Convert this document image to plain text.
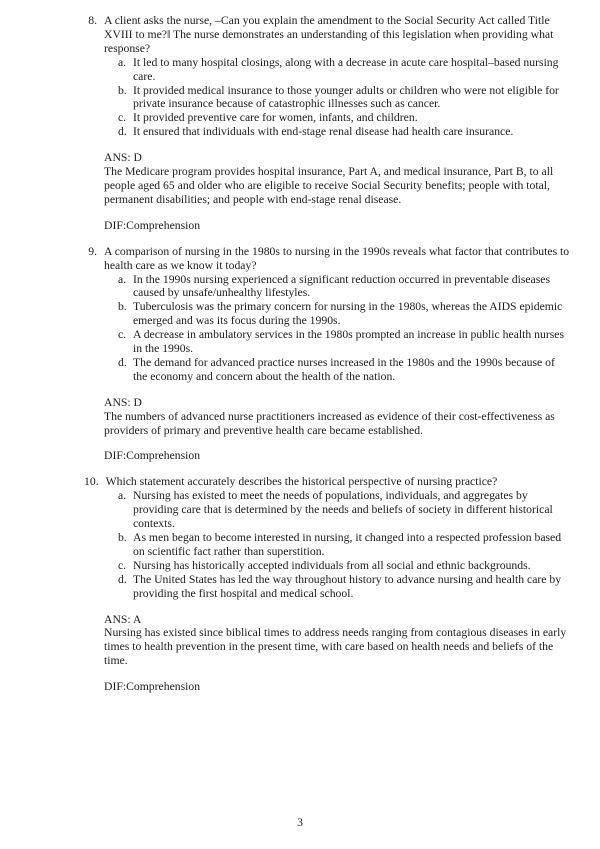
8. A client asks the nurse, –Can you explain the amendment to the Social Security Act called Title XVIII to me?‖ The nurse demonstrates an understanding of this legislation when providing what response?
a. It led to many hospital closings, along with a decrease in acute care hospital–based nursing care.
b. It provided medical insurance to those younger adults or children who were not eligible for private insurance because of catastrophic illnesses such as cancer.
c. It provided preventive care for women, infants, and children.
d. It ensured that individuals with end-stage renal disease had health care insurance.
ANS: D
The Medicare program provides hospital insurance, Part A, and medical insurance, Part B, to all people aged 65 and older who are eligible to receive Social Security benefits; people with total, permanent disabilities; and people with end-stage renal disease.
DIF:Comprehension
9. A comparison of nursing in the 1980s to nursing in the 1990s reveals what factor that contributes to health care as we know it today?
a. In the 1990s nursing experienced a significant reduction occurred in preventable diseases caused by unsafe/unhealthy lifestyles.
b. Tuberculosis was the primary concern for nursing in the 1980s, whereas the AIDS epidemic emerged and was its focus during the 1990s.
c. A decrease in ambulatory services in the 1980s prompted an increase in public health nurses in the 1990s.
d. The demand for advanced practice nurses increased in the 1980s and the 1990s because of the economy and concern about the health of the nation.
ANS: D
The numbers of advanced nurse practitioners increased as evidence of their cost-effectiveness as providers of primary and preventive health care became established.
DIF:Comprehension
10. Which statement accurately describes the historical perspective of nursing practice?
a. Nursing has existed to meet the needs of populations, individuals, and aggregates by providing care that is determined by the needs and beliefs of society in different historical contexts.
b. As men began to become interested in nursing, it changed into a respected profession based on scientific fact rather than superstition.
c. Nursing has historically accepted individuals from all social and ethnic backgrounds.
d. The United States has led the way throughout history to advance nursing and health care by providing the first hospital and medical school.
ANS: A
Nursing has existed since biblical times to address needs ranging from contagious diseases in early times to health prevention in the present time, with care based on health needs and beliefs of the time.
DIF:Comprehension
3
